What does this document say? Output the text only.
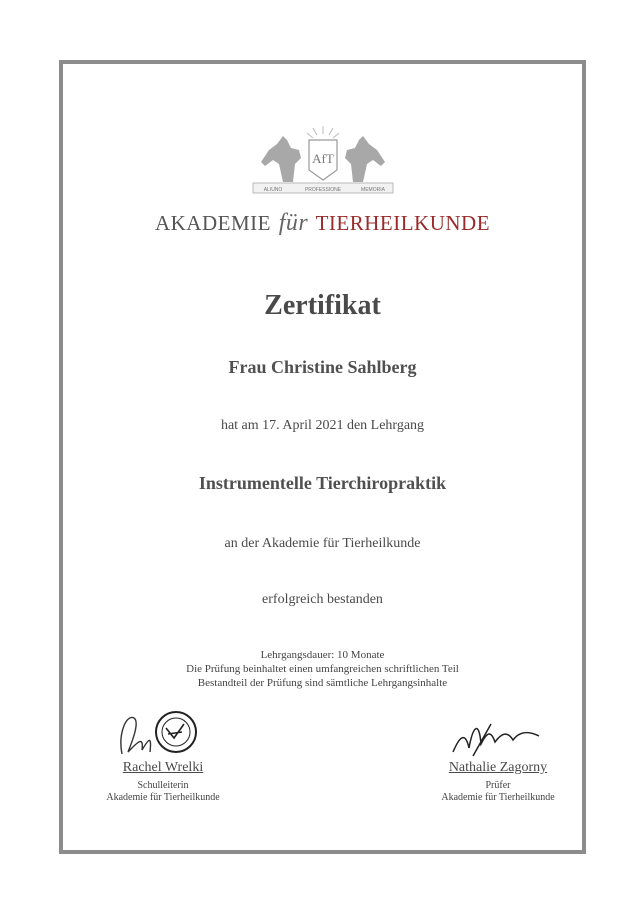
AfT
ALIUNO	PROFESSIONE	MEMORIA
AKADEMIE für TIERHEILKUNDE
Zertifikat
Frau Christine Sahlberg
hat am 17. April 2021 den Lehrgang
Instrumentelle Tierchiropraktik
an der Akademie für Tierheilkunde
erfolgreich bestanden
Lehrgangsdauer: 10 Monate
Die Prüfung beinhaltet einen umfangreichen schriftlichen Teil
Bestandteil der Prüfung sind sämtliche Lehrgangsinhalte
Rachel Wrelki
Schulleiterin
Akademie für Tierheilkunde
Nathalie Zagorny
Prüfer
Akademie für Tierheilkunde
